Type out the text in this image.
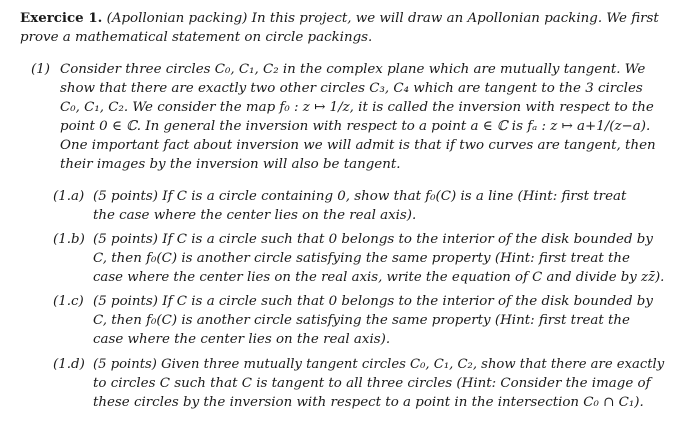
Exercice 1. (Apollonian packing) In this project, we will draw an Apollonian packing. We first
prove a mathematical statement on circle packings.
(1) Consider three circles C₀, C₁, C₂ in the complex plane which are mutually tangent. We
show that there are exactly two other circles C₃, C₄ which are tangent to the 3 circles
C₀, C₁, C₂. We consider the map f₀ : z ↦ 1/z, it is called the inversion with respect to the
point 0 ∈ ℂ. In general the inversion with respect to a point a ∈ ℂ is fₐ : z ↦ a+1/(z−a).
One important fact about inversion we will admit is that if two curves are tangent, then
their images by the inversion will also be tangent.
(1.a) (5 points) If C is a circle containing 0, show that f₀(C) is a line (Hint: first treat
the case where the center lies on the real axis).
(1.b) (5 points) If C is a circle such that 0 belongs to the interior of the disk bounded by
C, then f₀(C) is another circle satisfying the same property (Hint: first treat the
case where the center lies on the real axis, write the equation of C and divide by zz̄).
(1.c) (5 points) If C is a circle such that 0 belongs to the interior of the disk bounded by
C, then f₀(C) is another circle satisfying the same property (Hint: first treat the
case where the center lies on the real axis).
(1.d) (5 points) Given three mutually tangent circles C₀, C₁, C₂, show that there are exactly
to circles C such that C is tangent to all three circles (Hint: Consider the image of
these circles by the inversion with respect to a point in the intersection C₀ ∩ C₁).
